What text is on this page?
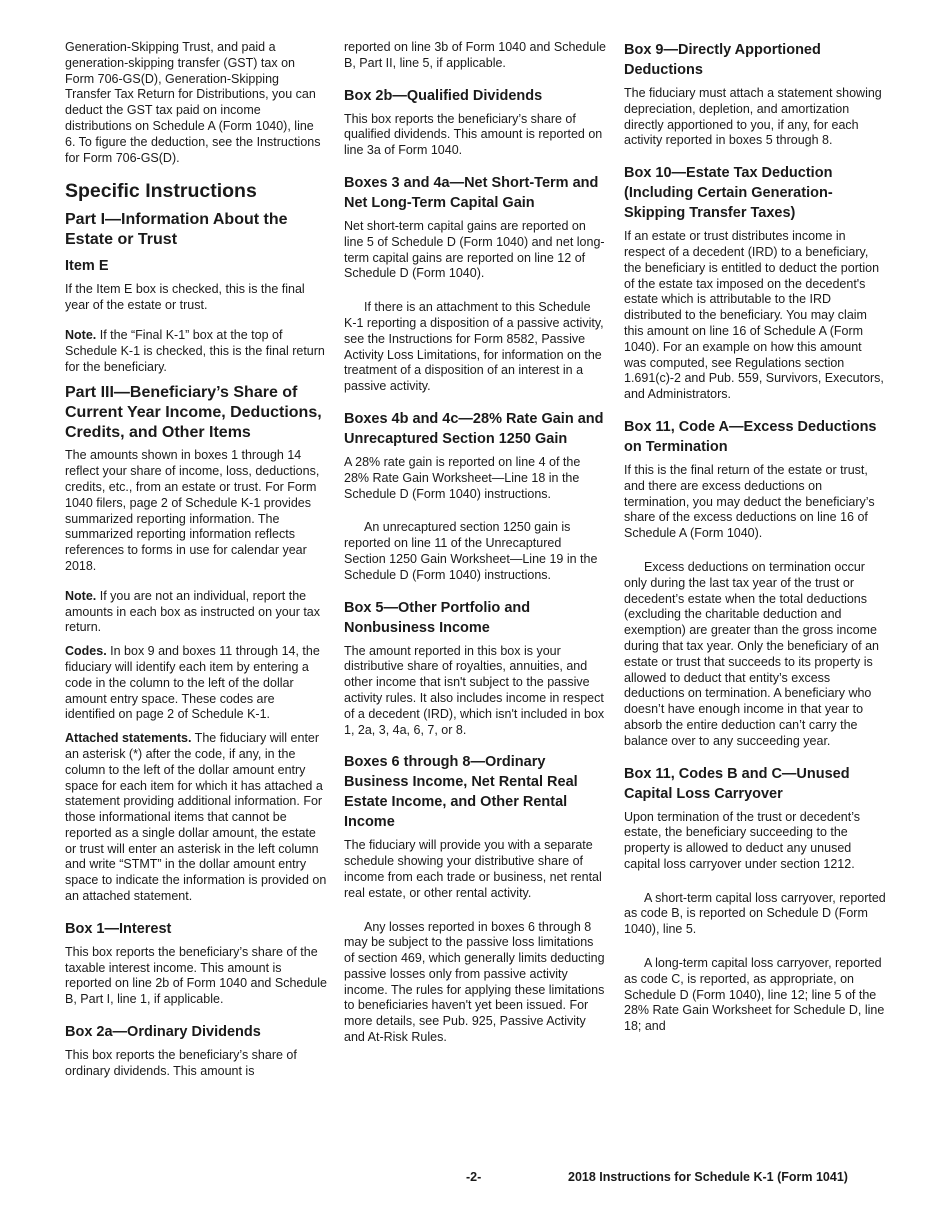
Generation-Skipping Trust, and paid a generation-skipping transfer (GST) tax on Form 706-GS(D), Generation-Skipping Transfer Tax Return for Distributions, you can deduct the GST tax paid on income distributions on Schedule A (Form 1040), line 6. To figure the deduction, see the Instructions for Form 706-GS(D).

Specific Instructions
Part I—Information About the Estate or Trust
Item E

If the Item E box is checked, this is the final year of the estate or trust.

Note. If the “Final K-1” box at the top of Schedule K-1 is checked, this is the final return for the beneficiary.

Part III—Beneficiary’s Share of Current Year Income, Deductions, Credits, and Other Items

The amounts shown in boxes 1 through 14 reflect your share of income, loss, deductions, credits, etc., from an estate or trust. For Form 1040 filers, page 2 of Schedule K-1 provides summarized reporting information. The summarized reporting information reflects references to forms in use for calendar year 2018.

Note. If you are not an individual, report the amounts in each box as instructed on your tax return.

Codes. In box 9 and boxes 11 through 14, the fiduciary will identify each item by entering a code in the column to the left of the dollar amount entry space. These codes are identified on page 2 of Schedule K-1.

Attached statements. The fiduciary will enter an asterisk (*) after the code, if any, in the column to the left of the dollar amount entry space for each item for which it has attached a statement providing additional information. For those informational items that cannot be reported as a single dollar amount, the estate or trust will enter an asterisk in the left column and write “STMT” in the dollar amount entry space to indicate the information is provided on an attached statement.

Box 1—Interest

This box reports the beneficiary’s share of the taxable interest income. This amount is reported on line 2b of Form 1040 and Schedule B, Part I, line 1, if applicable.

Box 2a—Ordinary Dividends

This box reports the beneficiary’s share of ordinary dividends. This amount is

reported on line 3b of Form 1040 and Schedule B, Part II, line 5, if applicable.

Box 2b—Qualified Dividends

This box reports the beneficiary’s share of qualified dividends. This amount is reported on line 3a of Form 1040.

Boxes 3 and 4a—Net Short-Term and Net Long-Term Capital Gain

Net short-term capital gains are reported on line 5 of Schedule D (Form 1040) and net long-term capital gains are reported on line 12 of Schedule D (Form 1040).

If there is an attachment to this Schedule K-1 reporting a disposition of a passive activity, see the Instructions for Form 8582, Passive Activity Loss Limitations, for information on the treatment of a disposition of an interest in a passive activity.

Boxes 4b and 4c—28% Rate Gain and Unrecaptured Section 1250 Gain

A 28% rate gain is reported on line 4 of the 28% Rate Gain Worksheet—Line 18 in the Schedule D (Form 1040) instructions.

An unrecaptured section 1250 gain is reported on line 11 of the Unrecaptured Section 1250 Gain Worksheet—Line 19 in the Schedule D (Form 1040) instructions.

Box 5—Other Portfolio and Nonbusiness Income

The amount reported in this box is your distributive share of royalties, annuities, and other income that isn't subject to the passive activity rules. It also includes income in respect of a decedent (IRD), which isn't included in box 1, 2a, 3, 4a, 6, 7, or 8.

Boxes 6 through 8—Ordinary Business Income, Net Rental Real Estate Income, and Other Rental Income

The fiduciary will provide you with a separate schedule showing your distributive share of income from each trade or business, net rental real estate, or other rental activity.

Any losses reported in boxes 6 through 8 may be subject to the passive loss limitations of section 469, which generally limits deducting passive losses only from passive activity income. The rules for applying these limitations to beneficiaries haven't yet been issued. For more details, see Pub. 925, Passive Activity and At-Risk Rules.

Box 9—Directly Apportioned Deductions

The fiduciary must attach a statement showing depreciation, depletion, and amortization directly apportioned to you, if any, for each activity reported in boxes 5 through 8.

Box 10—Estate Tax Deduction (Including Certain Generation-Skipping Transfer Taxes)

If an estate or trust distributes income in respect of a decedent (IRD) to a beneficiary, the beneficiary is entitled to deduct the portion of the estate tax imposed on the decedent's estate which is attributable to the IRD distributed to the beneficiary. You may claim this amount on line 16 of Schedule A (Form 1040). For an example on how this amount was computed, see Regulations section 1.691(c)-2 and Pub. 559, Survivors, Executors, and Administrators.

Box 11, Code A—Excess Deductions on Termination

If this is the final return of the estate or trust, and there are excess deductions on termination, you may deduct the beneficiary’s share of the excess deductions on line 16 of Schedule A (Form 1040).

Excess deductions on termination occur only during the last tax year of the trust or decedent’s estate when the total deductions (excluding the charitable deduction and exemption) are greater than the gross income during that tax year. Only the beneficiary of an estate or trust that succeeds to its property is allowed to deduct that entity’s excess deductions on termination. A beneficiary who doesn’t have enough income in that year to absorb the entire deduction can’t carry the balance over to any succeeding year.

Box 11, Codes B and C—Unused Capital Loss Carryover

Upon termination of the trust or decedent’s estate, the beneficiary succeeding to the property is allowed to deduct any unused capital loss carryover under section 1212.

A short-term capital loss carryover, reported as code B, is reported on Schedule D (Form 1040), line 5.

A long-term capital loss carryover, reported as code C, is reported, as appropriate, on Schedule D (Form 1040), line 12; line 5 of the 28% Rate Gain Worksheet for Schedule D, line 18; and

-2-	2018 Instructions for Schedule K-1 (Form 1041)
